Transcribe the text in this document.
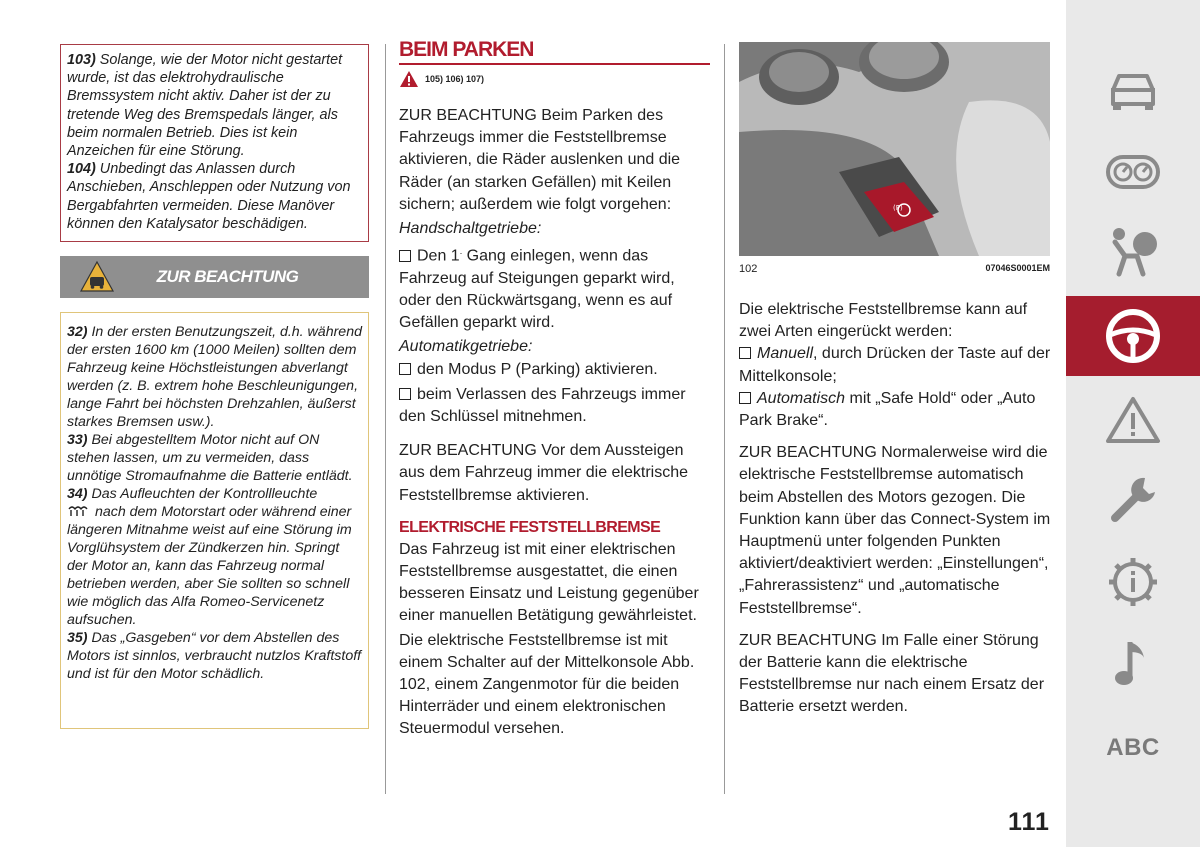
103) Solange, wie der Motor nicht gestartet wurde, ist das elektrohydraulische Bremssystem nicht aktiv. Daher ist der zu tretende Weg des Bremspedals länger, als beim normalen Betrieb. Dies ist kein Anzeichen für eine Störung.
104) Unbedingt das Anlassen durch Anschieben, Anschleppen oder Nutzung von Bergabfahrten vermeiden. Diese Manöver können den Katalysator beschädigen.
ZUR BEACHTUNG
32) In der ersten Benutzungszeit, d.h. während der ersten 1600 km (1000 Meilen) sollten dem Fahrzeug keine Höchstleistungen abverlangt werden (z. B. extrem hohe Beschleunigungen, lange Fahrt bei höchsten Drehzahlen, äußerst starkes Bremsen usw.).
33) Bei abgestelltem Motor nicht auf ON stehen lassen, um zu vermeiden, dass unnötige Stromaufnahme die Batterie entlädt.
34) Das Aufleuchten der Kontrollleuchte
nach dem Motorstart oder während einer längeren Mitnahme weist auf eine Störung im Vorglühsystem der Zündkerzen hin. Springt der Motor an, kann das Fahrzeug normal betrieben werden, aber Sie sollten so schnell wie möglich das Alfa Romeo-Servicenetz aufsuchen.
35) Das „Gasgeben“ vor dem Abstellen des Motors ist sinnlos, verbraucht nutzlos Kraftstoff und ist für den Motor schädlich.
BEIM PARKEN
105) 106) 107)

ZUR BEACHTUNG Beim Parken des Fahrzeugs immer die Feststellbremse aktivieren, die Räder auslenken und die Räder (an starken Gefällen) mit Keilen sichern; außerdem wie folgt vorgehen:

Handschaltgetriebe:

Den 1. Gang einlegen, wenn das Fahrzeug auf Steigungen geparkt wird, oder den Rückwärtsgang, wenn es auf Gefällen geparkt wird.

Automatikgetriebe:

den Modus P (Parking) aktivieren.

beim Verlassen des Fahrzeugs immer den Schlüssel mitnehmen.

ZUR BEACHTUNG Vor dem Aussteigen aus dem Fahrzeug immer die elektrische Feststellbremse aktivieren.

ELEKTRISCHE FESTSTELLBREMSE

Das Fahrzeug ist mit einer elektrischen Feststellbremse ausgestattet, die einen besseren Einsatz und Leistung gegenüber einer manuellen Betätigung gewährleistet.

Die elektrische Feststellbremse ist mit einem Schalter auf der Mittelkonsole Abb. 102, einem Zangenmotor für die beiden Hinterräder und einem elektronischen Steuermodul versehen.

(P)
102	07046S0001EM

Die elektrische Feststellbremse kann auf zwei Arten eingerückt werden:

Manuell, durch Drücken der Taste auf der Mittelkonsole;

Automatisch mit „Safe Hold“ oder „Auto Park Brake“.

ZUR BEACHTUNG Normalerweise wird die elektrische Feststellbremse automatisch beim Abstellen des Motors gezogen. Die Funktion kann über das Connect-System im Hauptmenü unter folgenden Punkten aktiviert/deaktiviert werden: „Einstellungen“, „Fahrerassistenz“ und „automatische Feststellbremse“.

ZUR BEACHTUNG Im Falle einer Störung der Batterie kann die elektrische Feststellbremse nur nach einem Ersatz der Batterie ersetzt werden.

ABC
111
